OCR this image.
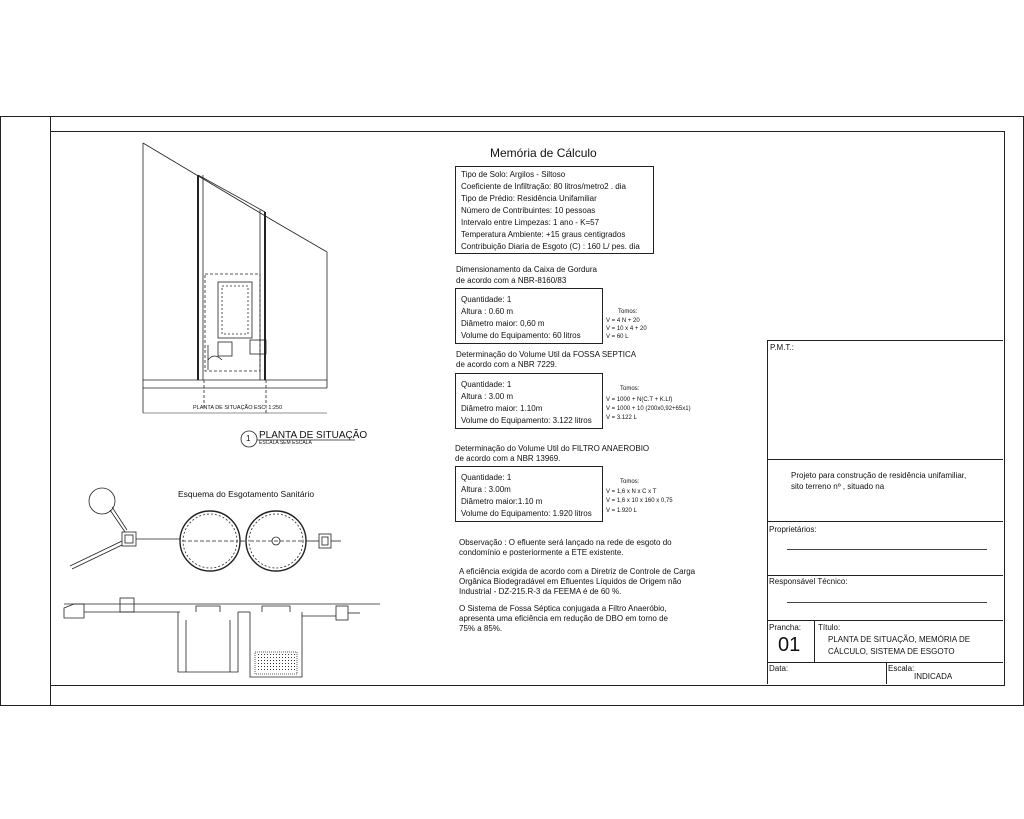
PLANTA DE SITUAÇÃO ESC. 1:250
1 PLANTA DE SITUAÇÃO
ESCALA SEM ESCALA
Esquema do Esgotamento Sanitário
Memória de Cálculo
Tipo de Solo: Argilos - Siltoso
Coeficiente de Infiltração: 80 litros/metro2 . dia
Tipo de Prédio: Residência Unifamiliar
Número de Contribuintes: 10 pessoas
Intervalo entre Limpezas: 1 ano - K=57
Temperatura Ambiente: +15 graus centigrados
Contribuição Diaria de Esgoto (C) : 160 L/ pes. dia
Dimensionamento da Caixa de Gordura
de acordo com a NBR-8160/83
Quantidade: 1
Altura : 0.60 m
Diâmetro maior: 0,60 m
Volume do Equipamento: 60 litros
Tomos:
V = 4 N + 20
V = 10 x 4 + 20
V = 60 L
Determinação do Volume Util da FOSSA SEPTICA
de acordo com a NBR 7229.
Quantidade: 1
Altura : 3.00 m
Diâmetro maior: 1.10m
Volume do Equipamento: 3.122 litros
Tomos:
V = 1000 + N(C.T + K.Lf)
V = 1000 + 10 (200x0,92+65x1)
V = 3.122 L
Determinação do Volume Util do FILTRO ANAEROBIO
de acordo com a NBR 13969.
Quantidade: 1
Altura : 3.00m
Diâmetro maior:1.10 m
Volume do Equipamento: 1.920 litros
Tomos:
V = 1,6 x N x C x T
V = 1,6 x 10 x 160 x 0,75
V = 1.920 L
Observação : O efluente será lançado na rede de esgoto do
condomínio e posteriormente a ETE existente.
A eficiência exigida de acordo com a Diretriz de Controle de Carga
Orgânica Biodegradável em Efluentes Líquidos de Origem não
Industrial - DZ-215.R-3 da FEEMA é de 60 %.
O Sistema de Fossa Séptica conjugada a Filtro Anaeróbio,
apresenta uma eficiência em redução de DBO em torno de
75% a 85%.
P.M.T.:
Projeto para construção de residência unifamiliar,
sito terreno nº , situado na
Proprietários:
Responsável Técnico:
Prancha:
01
Título:
PLANTA DE SITUAÇÃO, MEMÓRIA DE
CÁLCULO, SISTEMA DE ESGOTO
Data:	Escala:
INDICADA
